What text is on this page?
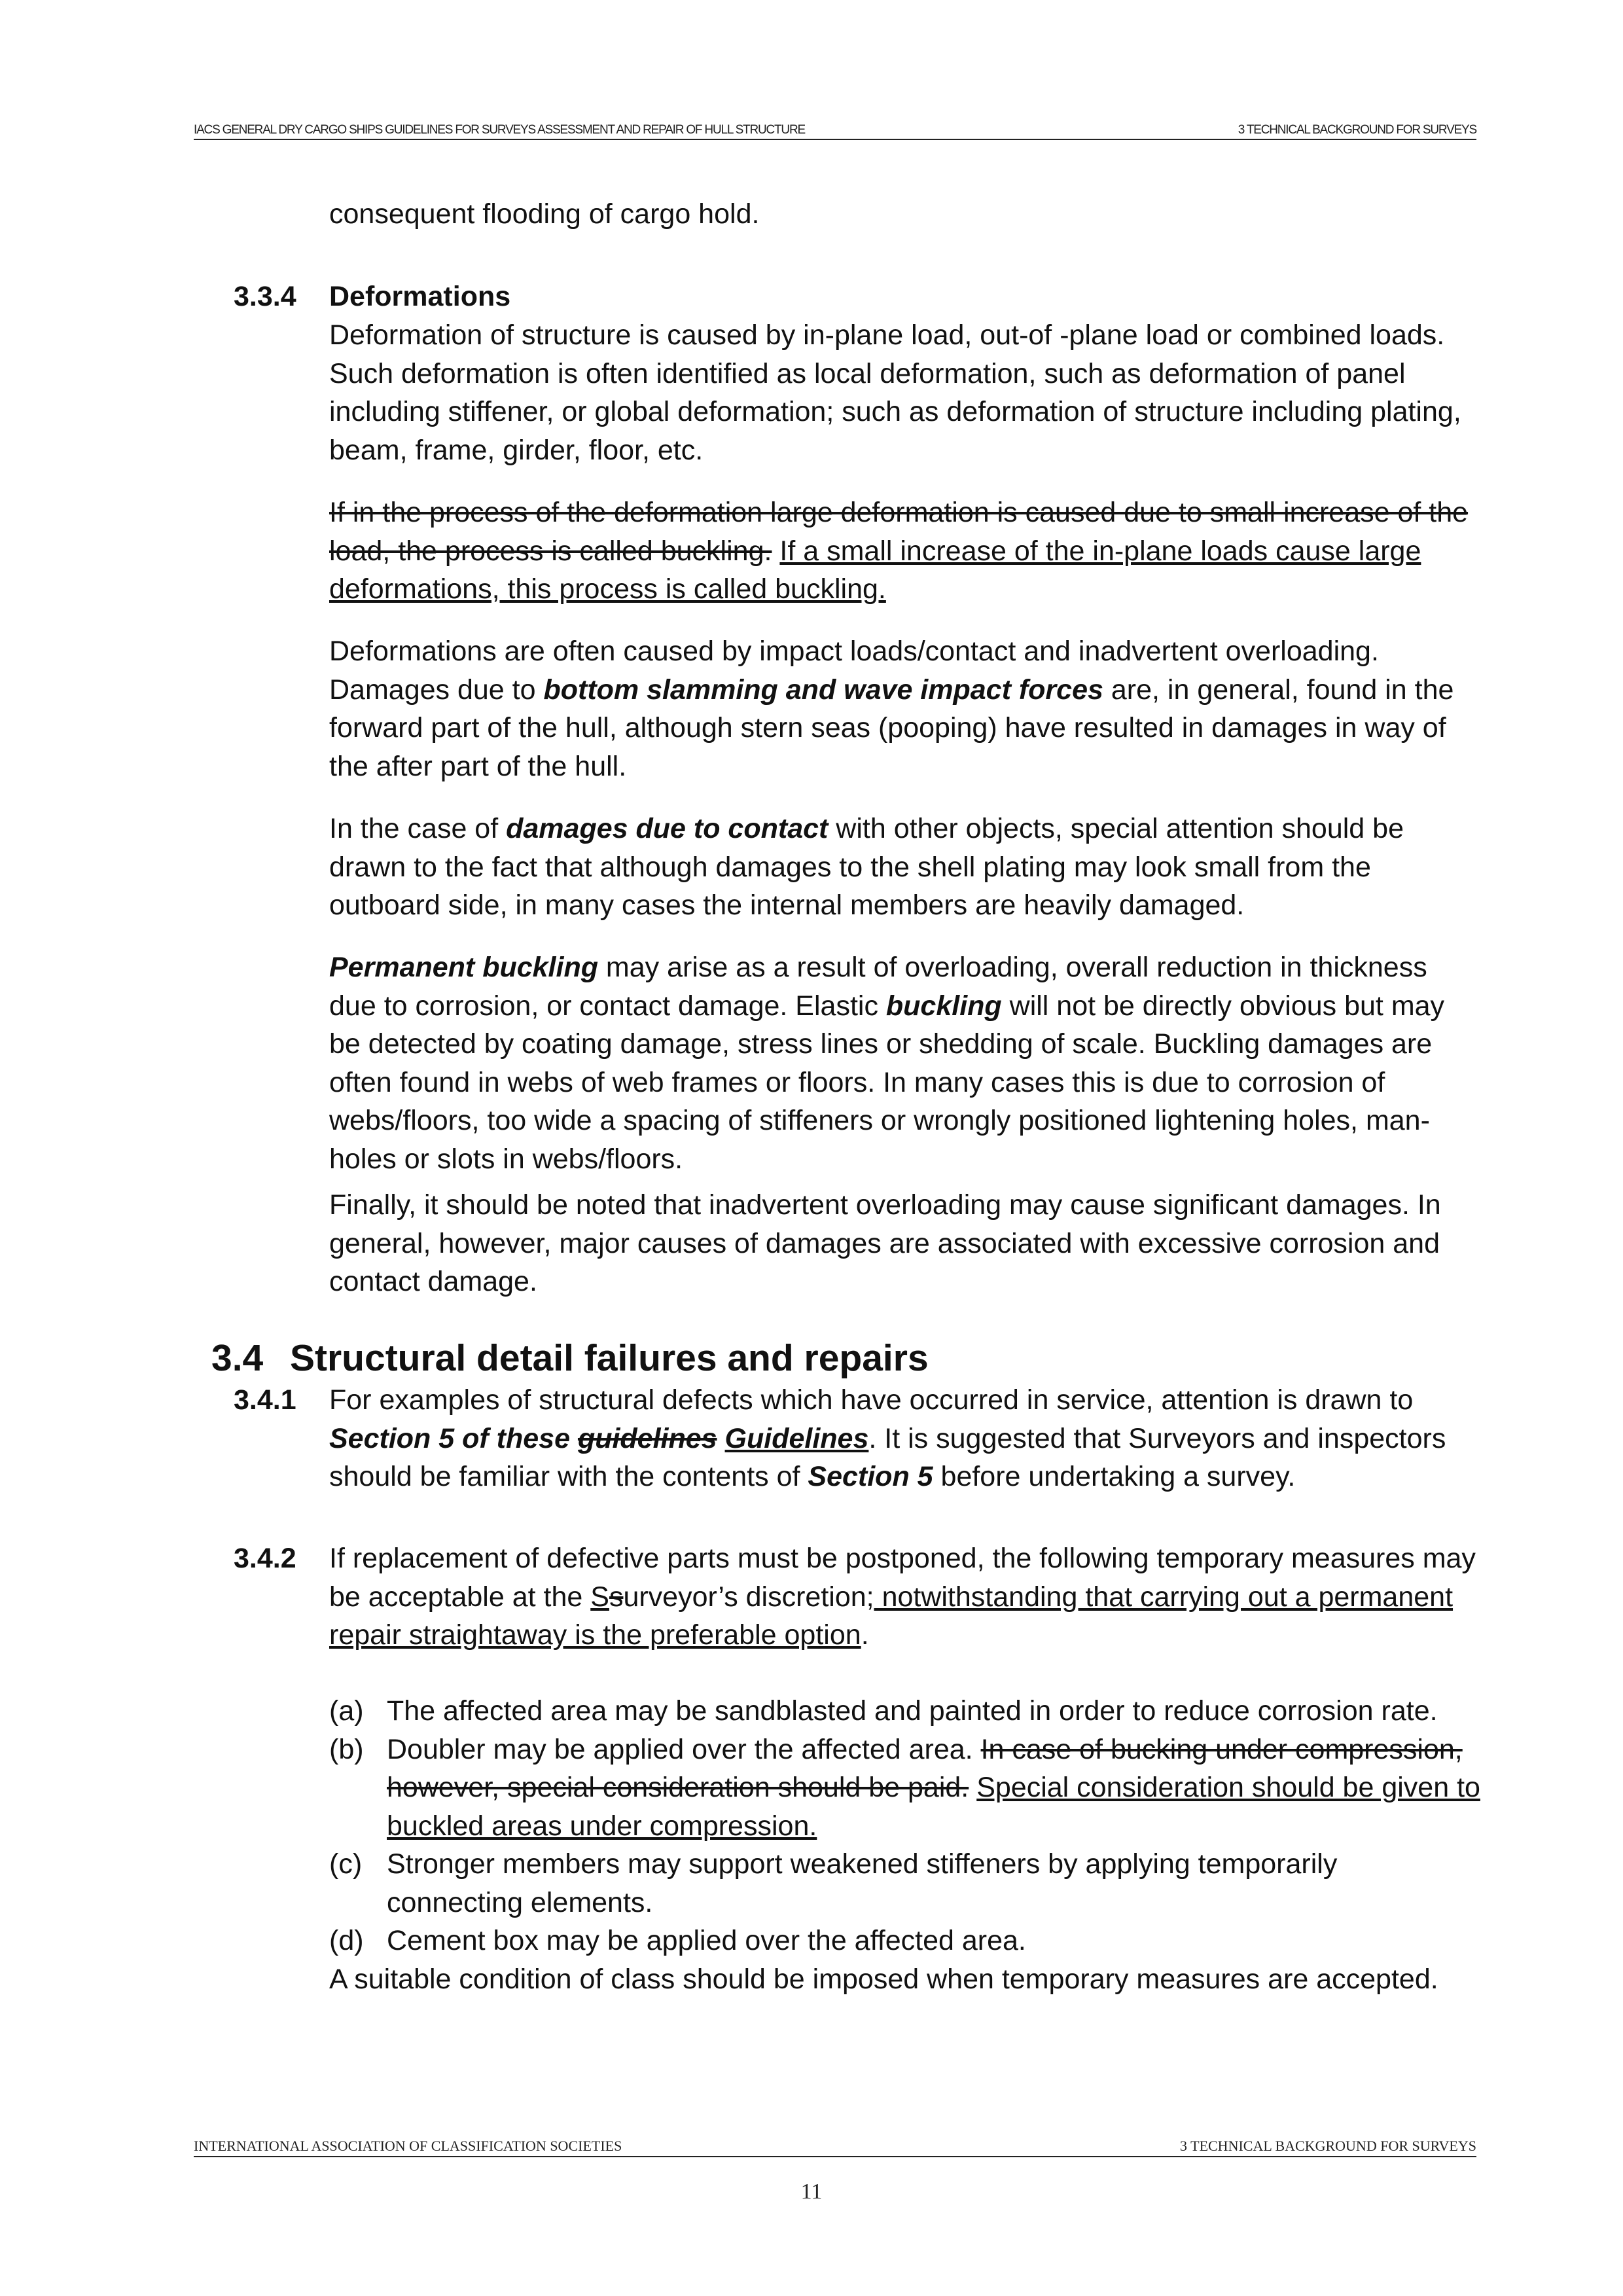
IACS GENERAL DRY CARGO SHIPS GUIDELINES FOR SURVEYS ASSESSMENT AND REPAIR OF HULL STRUCTURE	3 TECHNICAL BACKGROUND FOR SURVEYS

consequent flooding of cargo hold.

3.3.4 Deformations

Deformation of structure is caused by in-plane load, out-of -plane load or combined loads. Such deformation is often identified as local deformation, such as deformation of panel including stiffener, or global deformation; such as deformation of structure including plating, beam, frame, girder, floor, etc.

If in the process of the deformation large deformation is caused due to small increase of the load, the process is called buckling. If a small increase of the in-plane loads cause large deformations, this process is called buckling.

Deformations are often caused by impact loads/contact and inadvertent overloading. Damages due to bottom slamming and wave impact forces are, in general, found in the forward part of the hull, although stern seas (pooping) have resulted in damages in way of the after part of the hull.

In the case of damages due to contact with other objects, special attention should be drawn to the fact that although damages to the shell plating may look small from the outboard side, in many cases the internal members are heavily damaged.

Permanent buckling may arise as a result of overloading, overall reduction in thickness due to corrosion, or contact damage. Elastic buckling will not be directly obvious but may be detected by coating damage, stress lines or shedding of scale. Buckling damages are often found in webs of web frames or floors. In many cases this is due to corrosion of webs/floors, too wide a spacing of stiffeners or wrongly positioned lightening holes, man-holes or slots in webs/floors.

Finally, it should be noted that inadvertent overloading may cause significant damages. In general, however, major causes of damages are associated with excessive corrosion and contact damage.

3.4 Structural detail failures and repairs
3.4.1 For examples of structural defects which have occurred in service, attention is drawn to Section 5 of these guidelines Guidelines. It is suggested that Surveyors and inspectors should be familiar with the contents of Section 5 before undertaking a survey.

3.4.2 If replacement of defective parts must be postponed, the following temporary measures may be acceptable at the Ssurveyor’s discretion; notwithstanding that carrying out a permanent repair straightaway is the preferable option.

(a) The affected area may be sandblasted and painted in order to reduce corrosion rate.
(b) Doubler may be applied over the affected area. In case of bucking under compression, however, special consideration should be paid. Special consideration should be given to buckled areas under compression.
(c) Stronger members may support weakened stiffeners by applying temporarily connecting elements.
(d) Cement box may be applied over the affected area.
A suitable condition of class should be imposed when temporary measures are accepted.
INTERNATIONAL ASSOCIATION OF CLASSIFICATION SOCIETIES	3 TECHNICAL BACKGROUND FOR SURVEYS
11
